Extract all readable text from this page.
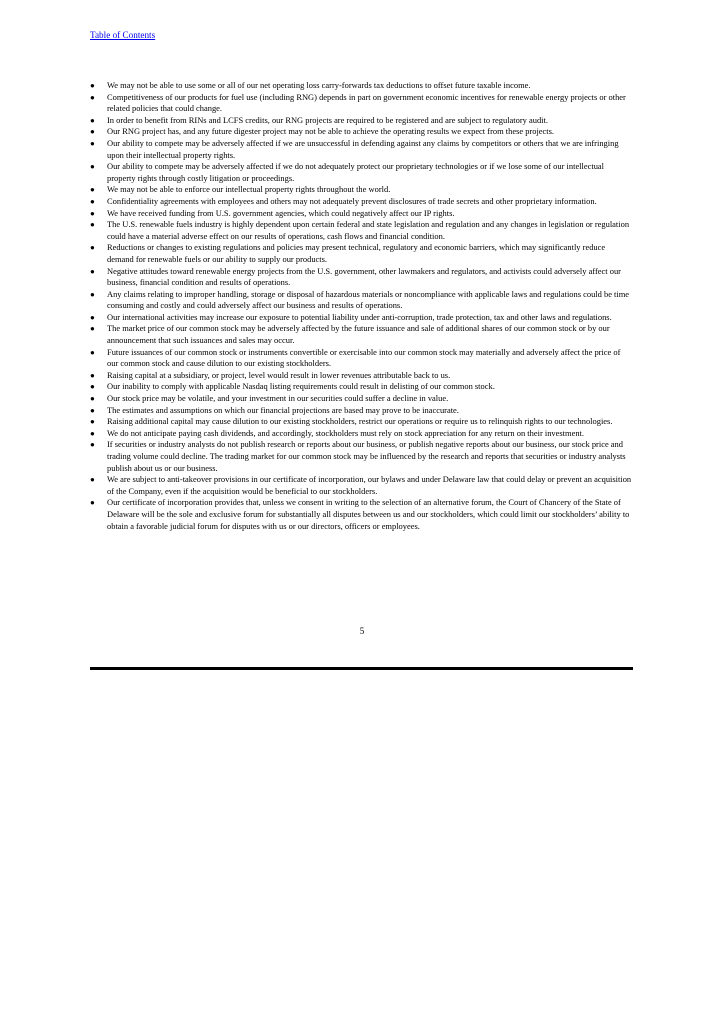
Table of Contents
● We may not be able to use some or all of our net operating loss carry-forwards tax deductions to offset future taxable income.
● Competitiveness of our products for fuel use (including RNG) depends in part on government economic incentives for renewable energy projects or other related policies that could change.
● In order to benefit from RINs and LCFS credits, our RNG projects are required to be registered and are subject to regulatory audit.
● Our RNG project has, and any future digester project may not be able to achieve the operating results we expect from these projects.
● Our ability to compete may be adversely affected if we are unsuccessful in defending against any claims by competitors or others that we are infringing upon their intellectual property rights.
● Our ability to compete may be adversely affected if we do not adequately protect our proprietary technologies or if we lose some of our intellectual property rights through costly litigation or proceedings.
● We may not be able to enforce our intellectual property rights throughout the world.
● Confidentiality agreements with employees and others may not adequately prevent disclosures of trade secrets and other proprietary information.
● We have received funding from U.S. government agencies, which could negatively affect our IP rights.
● The U.S. renewable fuels industry is highly dependent upon certain federal and state legislation and regulation and any changes in legislation or regulation could have a material adverse effect on our results of operations, cash flows and financial condition.
● Reductions or changes to existing regulations and policies may present technical, regulatory and economic barriers, which may significantly reduce demand for renewable fuels or our ability to supply our products.
● Negative attitudes toward renewable energy projects from the U.S. government, other lawmakers and regulators, and activists could adversely affect our business, financial condition and results of operations.
● Any claims relating to improper handling, storage or disposal of hazardous materials or noncompliance with applicable laws and regulations could be time consuming and costly and could adversely affect our business and results of operations.
● Our international activities may increase our exposure to potential liability under anti-corruption, trade protection, tax and other laws and regulations.
● The market price of our common stock may be adversely affected by the future issuance and sale of additional shares of our common stock or by our announcement that such issuances and sales may occur.
● Future issuances of our common stock or instruments convertible or exercisable into our common stock may materially and adversely affect the price of our common stock and cause dilution to our existing stockholders.
● Raising capital at a subsidiary, or project, level would result in lower revenues attributable back to us.
● Our inability to comply with applicable Nasdaq listing requirements could result in delisting of our common stock.
● Our stock price may be volatile, and your investment in our securities could suffer a decline in value.
● The estimates and assumptions on which our financial projections are based may prove to be inaccurate.
● Raising additional capital may cause dilution to our existing stockholders, restrict our operations or require us to relinquish rights to our technologies.
● We do not anticipate paying cash dividends, and accordingly, stockholders must rely on stock appreciation for any return on their investment.
● If securities or industry analysts do not publish research or reports about our business, or publish negative reports about our business, our stock price and trading volume could decline. The trading market for our common stock may be influenced by the research and reports that securities or industry analysts publish about us or our business.
● We are subject to anti-takeover provisions in our certificate of incorporation, our bylaws and under Delaware law that could delay or prevent an acquisition of the Company, even if the acquisition would be beneficial to our stockholders.
● Our certificate of incorporation provides that, unless we consent in writing to the selection of an alternative forum, the Court of Chancery of the State of Delaware will be the sole and exclusive forum for substantially all disputes between us and our stockholders, which could limit our stockholders’ ability to obtain a favorable judicial forum for disputes with us or our directors, officers or employees.
5
